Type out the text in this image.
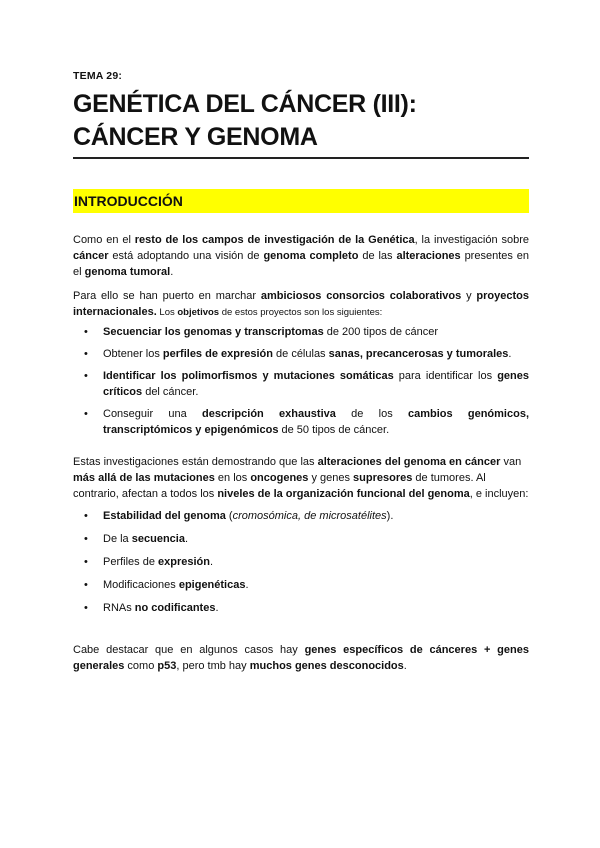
TEMA 29:
GENÉTICA DEL CÁNCER (III):
CÁNCER Y GENOMA
INTRODUCCIÓN

Como en el resto de los campos de investigación de la Genética, la investigación sobre cáncer está adoptando una visión de genoma completo de las alteraciones presentes en el genoma tumoral.

Para ello se han puerto en marchar ambiciosos consorcios colaborativos y proyectos internacionales. Los objetivos de estos proyectos son los siguientes:

• Secuenciar los genomas y transcriptomas de 200 tipos de cáncer
• Obtener los perfiles de expresión de células sanas, precancerosas y tumorales.
• Identificar los polimorfismos y mutaciones somáticas para identificar los genes críticos del cáncer.
• Conseguir una descripción exhaustiva de los cambios genómicos, transcriptómicos y epigenómicos de 50 tipos de cáncer.

Estas investigaciones están demostrando que las alteraciones del genoma en cáncer van más allá de las mutaciones en los oncogenes y genes supresores de tumores. Al contrario, afectan a todos los niveles de la organización funcional del genoma, e incluyen:

• Estabilidad del genoma (cromosómica, de microsatélites).
• De la secuencia.
• Perfiles de expresión.
• Modificaciones epigenéticas.
• RNAs no codificantes.

Cabe destacar que en algunos casos hay genes específicos de cánceres + genes generales como p53, pero tmb hay muchos genes desconocidos.
